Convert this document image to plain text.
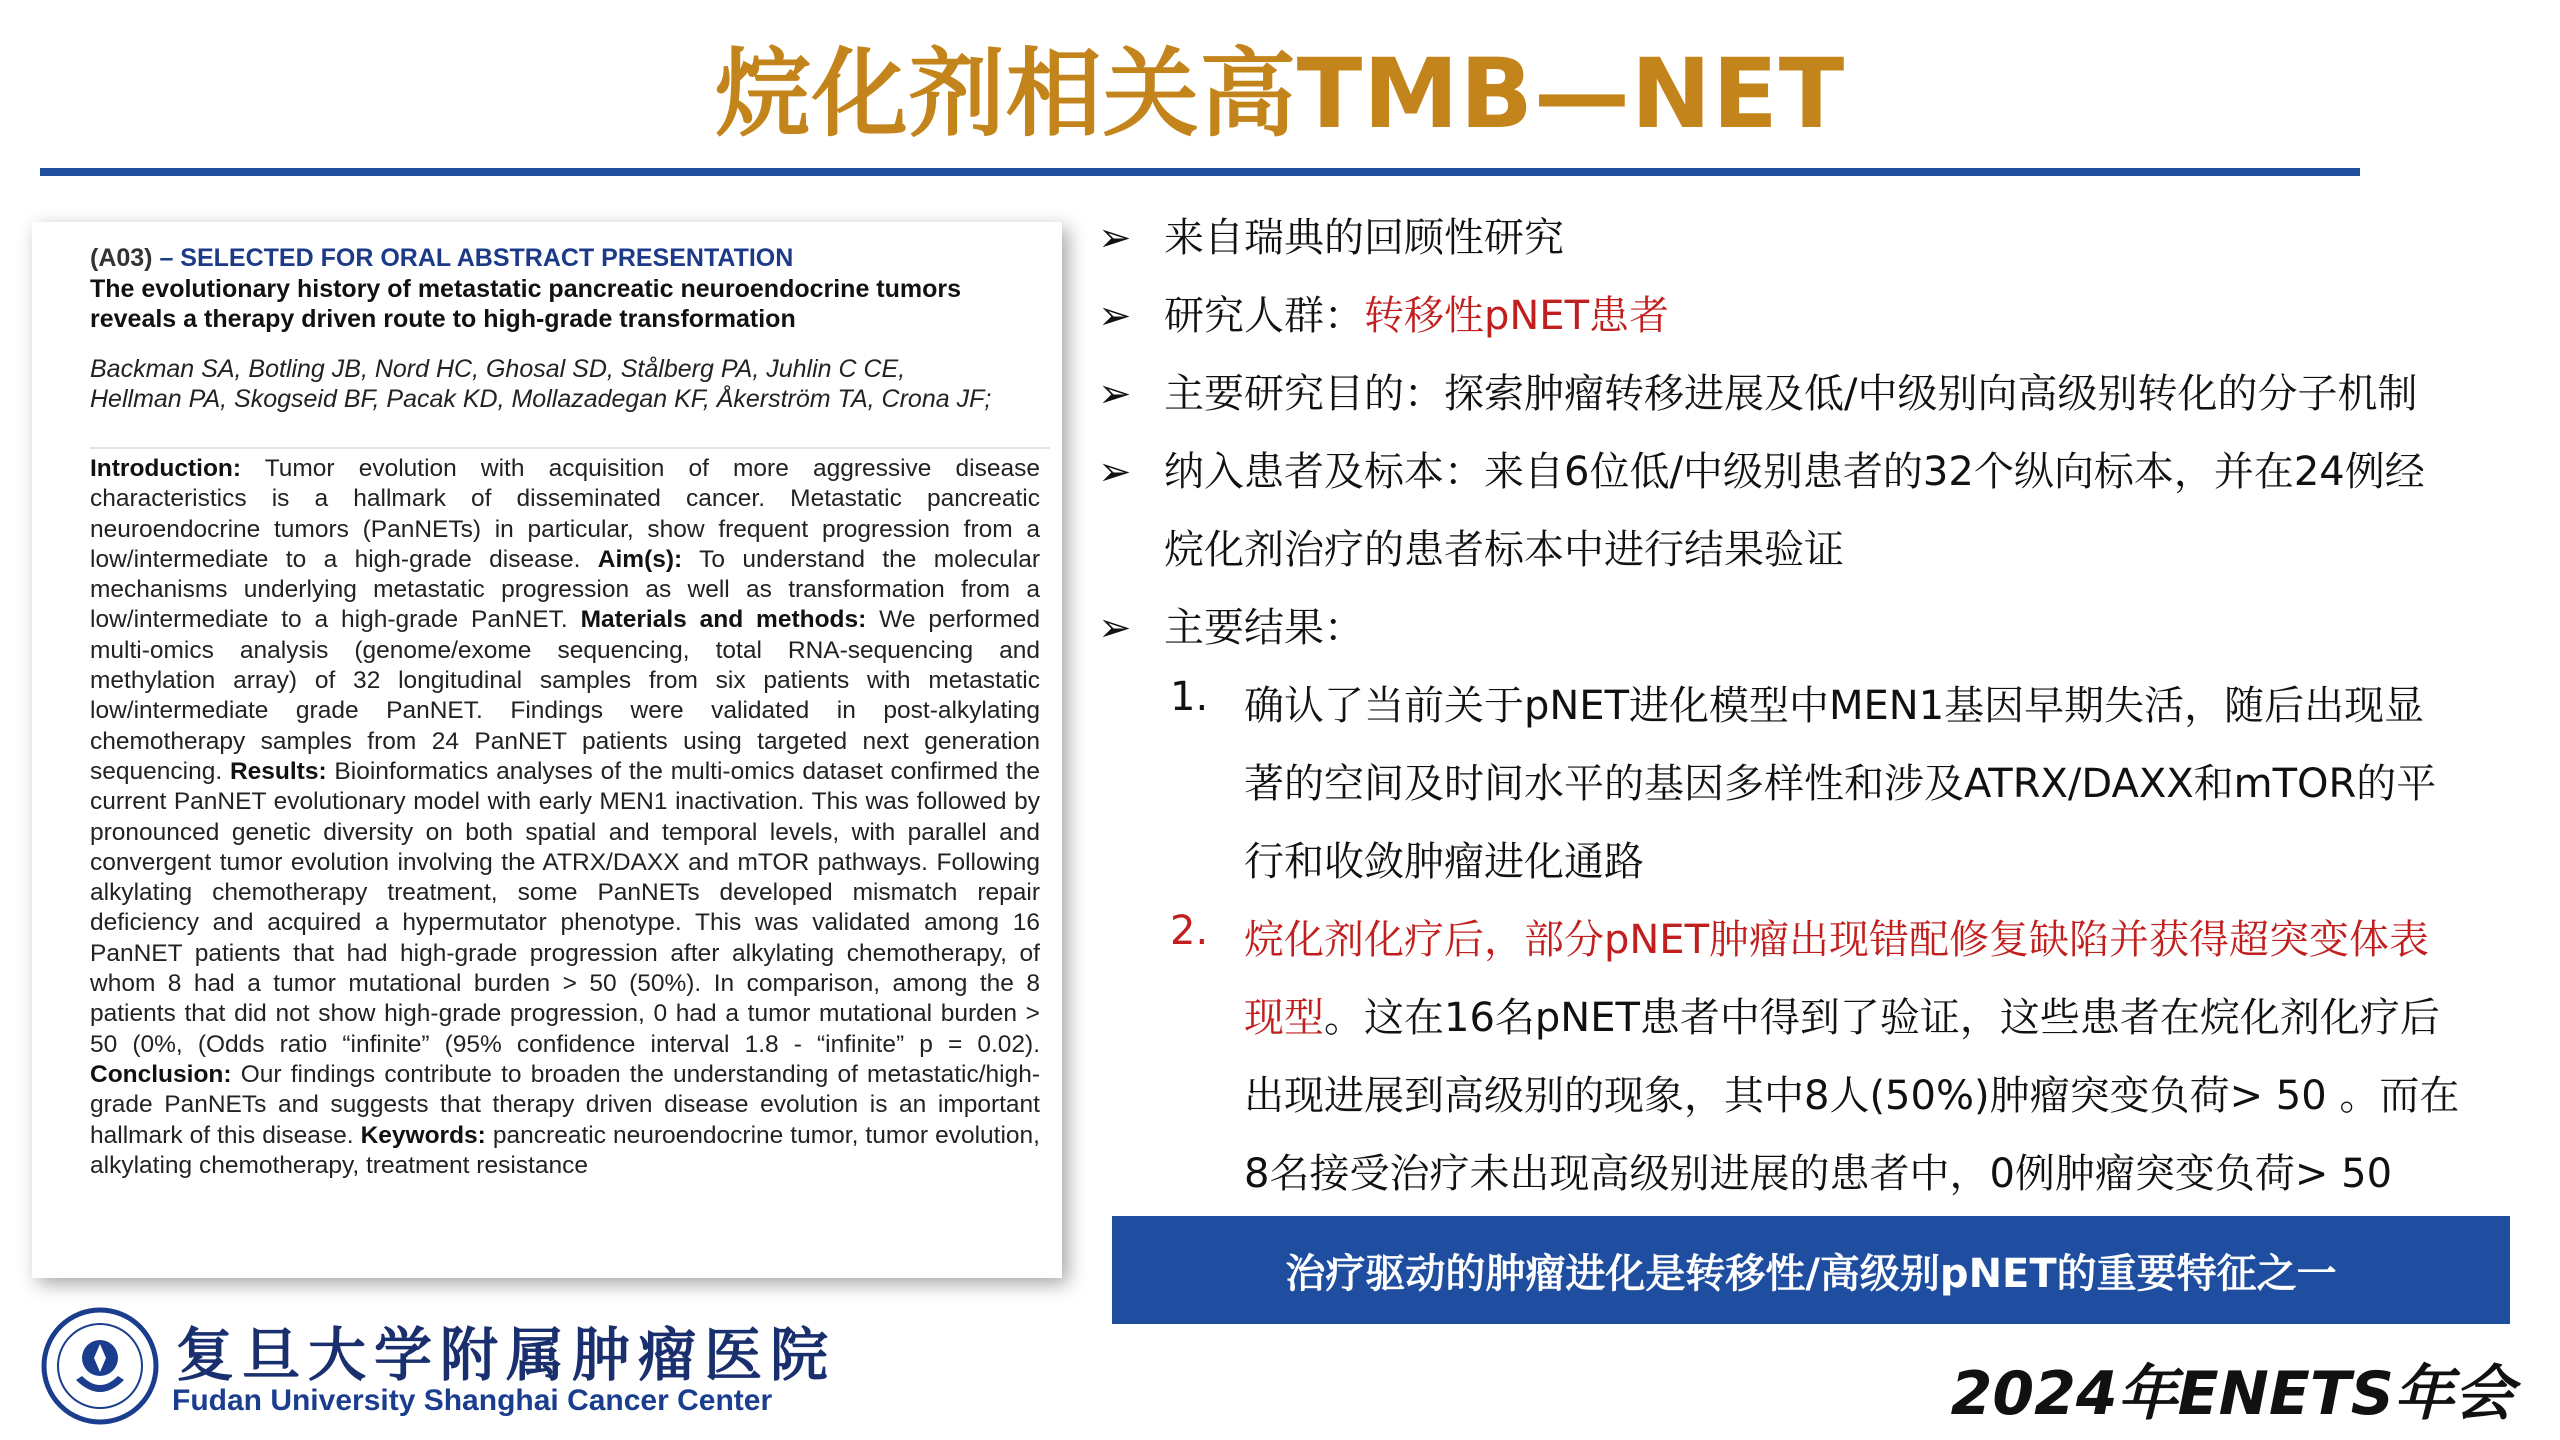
烷化剂相关高TMB—NET
(A03) – SELECTED FOR ORAL ABSTRACT PRESENTATION
The evolutionary history of metastatic pancreatic neuroendocrine tumors reveals a therapy driven route to high-grade transformation
Backman SA, Botling JB, Nord HC, Ghosal SD, Stålberg PA, Juhlin C CE, Hellman PA, Skogseid BF, Pacak KD, Mollazadegan KF, Åkerström TA, Crona JF;
Introduction: Tumor evolution with acquisition of more aggressive disease characteristics is a hallmark of disseminated cancer. Metastatic pancreatic neuroendocrine tumors (PanNETs) in particular, show frequent progression from a low/intermediate to a high-grade disease. Aim(s): To understand the molecular mechanisms underlying metastatic progression as well as transformation from a low/intermediate to a high-grade PanNET. Materials and methods: We performed multi-omics analysis (genome/exome sequencing, total RNA-sequencing and methylation array) of 32 longitudinal samples from six patients with metastatic low/intermediate grade PanNET. Findings were validated in post-alkylating chemotherapy samples from 24 PanNET patients using targeted next generation sequencing. Results: Bioinformatics analyses of the multi-omics dataset confirmed the current PanNET evolutionary model with early MEN1 inactivation. This was followed by pronounced genetic diversity on both spatial and temporal levels, with parallel and convergent tumor evolution involving the ATRX/DAXX and mTOR pathways. Following alkylating chemotherapy treatment, some PanNETs developed mismatch repair deficiency and acquired a hypermutator phenotype. This was validated among 16 PanNET patients that had high-grade progression after alkylating chemotherapy, of whom 8 had a tumor mutational burden > 50 (50%). In comparison, among the 8 patients that did not show high-grade progression, 0 had a tumor mutational burden > 50 (0%, (Odds ratio “infinite” (95% confidence interval 1.8 - “infinite” p = 0.02). Conclusion: Our findings contribute to broaden the understanding of metastatic/high-grade PanNETs and suggests that therapy driven disease evolution is an important hallmark of this disease. Keywords: pancreatic neuroendocrine tumor, tumor evolution, alkylating chemotherapy, treatment resistance
➢ 来自瑞典的回顾性研究
➢ 研究人群：转移性pNET患者
➢ 主要研究目的：探索肿瘤转移进展及低/中级别向高级别转化的分子机制
➢ 纳入患者及标本：来自6位低/中级别患者的32个纵向标本，并在24例经
烷化剂治疗的患者标本中进行结果验证
➢ 主要结果：
1. 确认了当前关于pNET进化模型中MEN1基因早期失活，随后出现显
著的空间及时间水平的基因多样性和涉及ATRX/DAXX和mTOR的平
行和收敛肿瘤进化通路
2. 烷化剂化疗后，部分pNET肿瘤出现错配修复缺陷并获得超突变体表
现型。这在16名pNET患者中得到了验证，这些患者在烷化剂化疗后
出现进展到高级别的现象，其中8人(50%)肿瘤突变负荷> 50 。而在
8名接受治疗未出现高级别进展的患者中，0例肿瘤突变负荷> 50
治疗驱动的肿瘤进化是转移性/高级别pNET的重要特征之一
复旦大学附属肿瘤医院
Fudan University Shanghai Cancer Center	2024年ENETS年会
